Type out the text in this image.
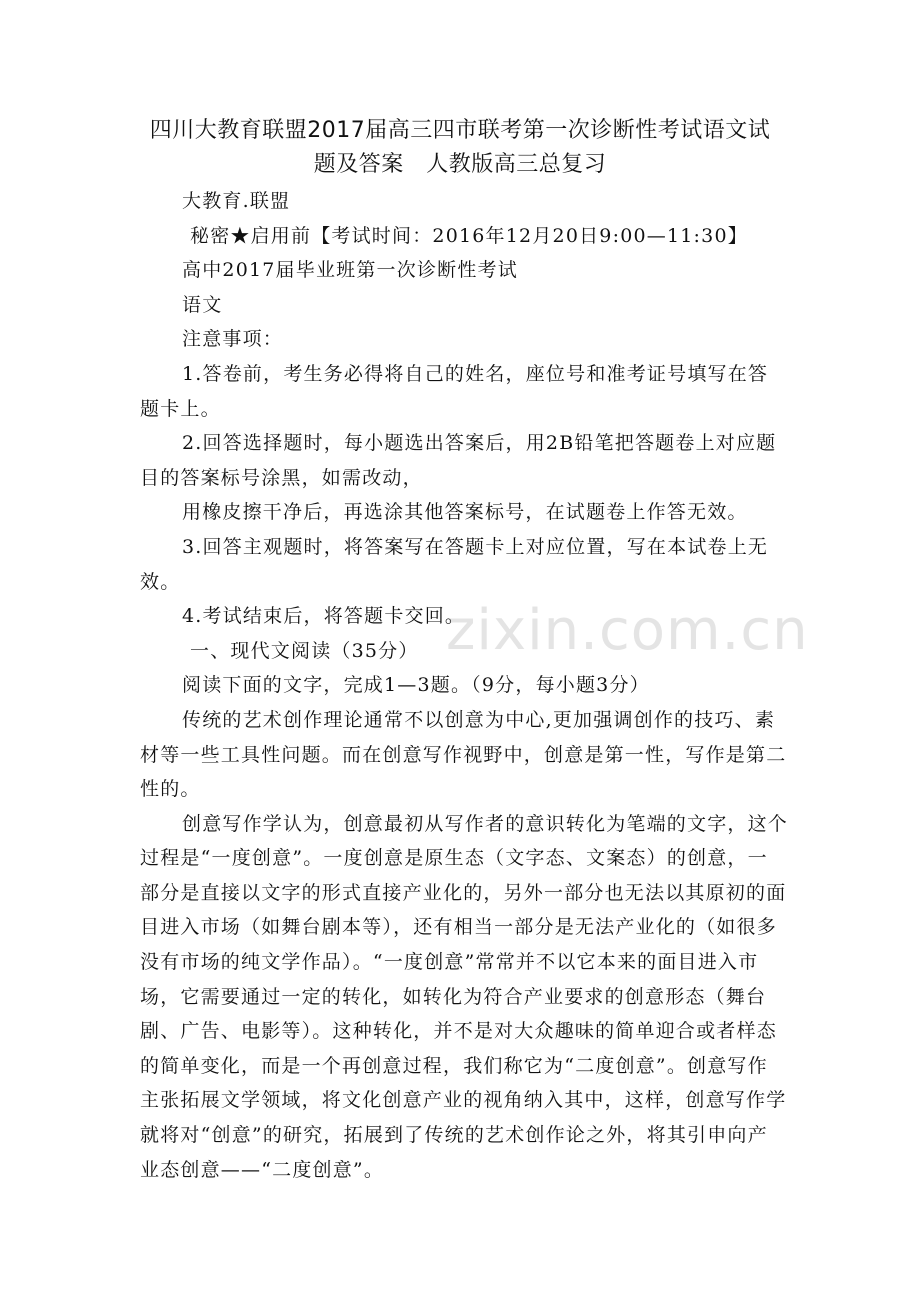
zixin.com.cn
四川大教育联盟2017届高三四市联考第一次诊断性考试语文试
题及答案　人教版高三总复习

大教育.联盟

秘密★启用前【考试时间：2016年12月20日9:00—11:30】

高中2017届毕业班第一次诊断性考试

语文

注意事项：

1.答卷前，考生务必得将自己的姓名，座位号和准考证号填写在答题卡上。

2.回答选择题时，每小题选出答案后，用2B铅笔把答题卷上对应题目的答案标号涂黑，如需改动，

用橡皮擦干净后，再选涂其他答案标号，在试题卷上作答无效。

3.回答主观题时，将答案写在答题卡上对应位置，写在本试卷上无效。

4.考试结束后，将答题卡交回。

一、现代文阅读（35分）

阅读下面的文字，完成1—3题。（9分，每小题3分）

传统的艺术创作理论通常不以创意为中心,更加强调创作的技巧、素材等一些工具性问题。而在创意写作视野中，创意是第一性，写作是第二性的。

创意写作学认为，创意最初从写作者的意识转化为笔端的文字，这个过程是“一度创意”。一度创意是原生态（文字态、文案态）的创意，一部分是直接以文字的形式直接产业化的，另外一部分也无法以其原初的面目进入市场（如舞台剧本等），还有相当一部分是无法产业化的（如很多没有市场的纯文学作品）。“一度创意”常常并不以它本来的面目进入市场，它需要通过一定的转化，如转化为符合产业要求的创意形态（舞台剧、广告、电影等）。这种转化，并不是对大众趣味的简单迎合或者样态的简单变化，而是一个再创意过程，我们称它为“二度创意”。创意写作主张拓展文学领域，将文化创意产业的视角纳入其中，这样，创意写作学就将对“创意”的研究，拓展到了传统的艺术创作论之外，将其引申向产业态创意——“二度创意”。
